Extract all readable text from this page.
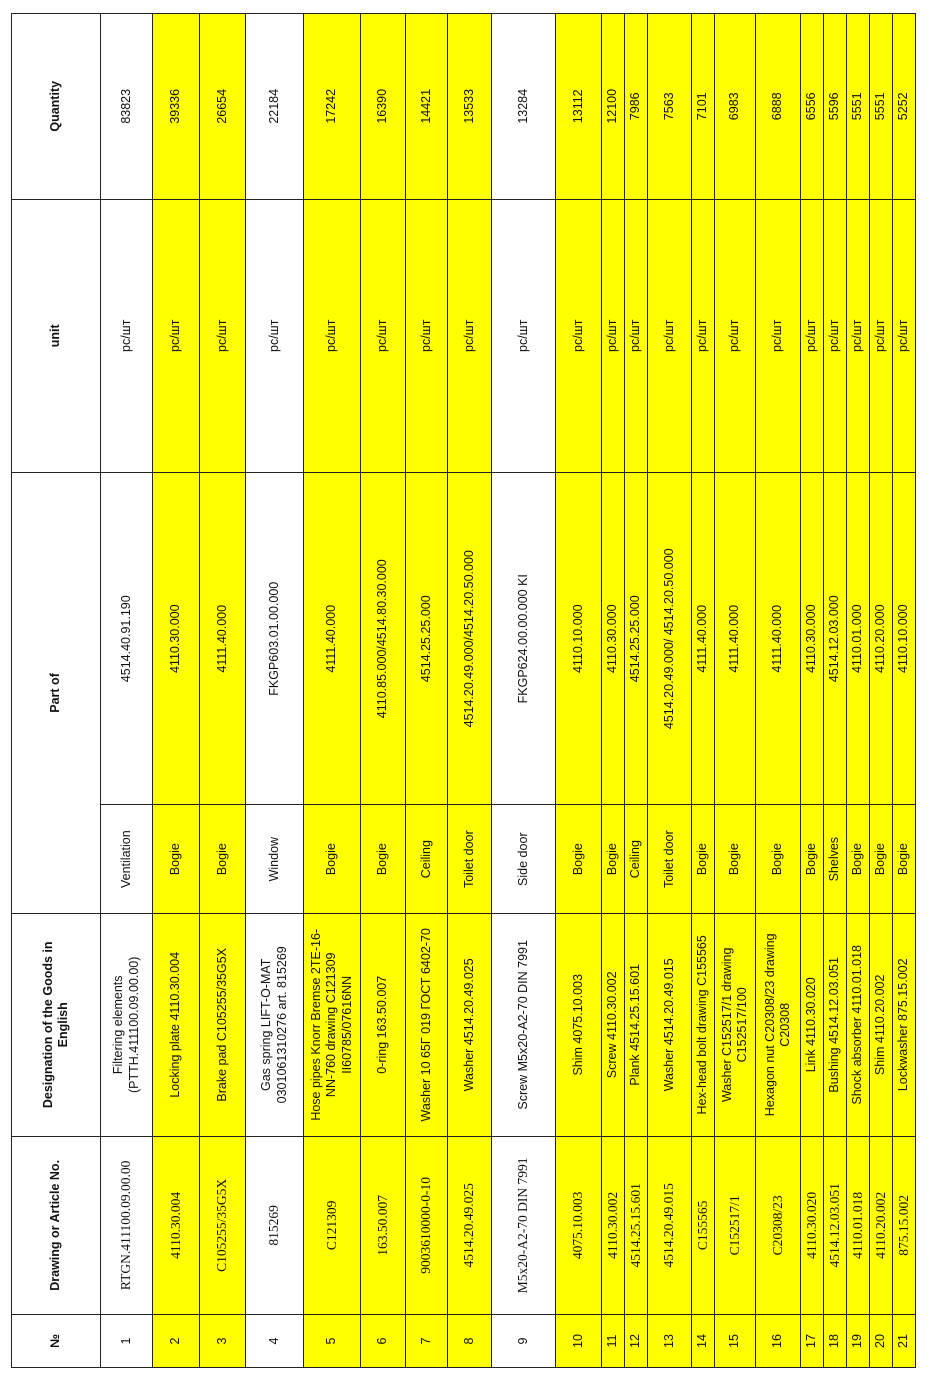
№	Drawing or Article No.	Designation of the Goods in English	Part of		unit	Quantity
1	RTGN.411100.09.00.00	Filtering elements (PTTH.411100.09.00.00)	Ventilation	4514.40.91.190	pc/шт	83823
2	4110.30.004	Locking plate 4110.30.004	Bogie	4110.30.000	pc/шт	39336
3	C105255/35G5X	Brake pad C105255/35G5X	Bogie	4111.40.000	pc/шт	26654
4	815269	Gas spring LIFT-O-MAT 0301061310276 art. 815269	Window	FKGP603.01.00.000	pc/шт	22184
5	C121309	Hose pipes Knorr Bremse 2TE-16-NN-760 drawing C121309 II60785/07616NN	Bogie	4111.40.000	pc/шт	17242
6	163.50.007	0-ring 163.50.007	Bogie	4110.85.000/4514.80.30.000	pc/шт	16390
7	9003610000-0-10	Washer 10 65Г 019 ГОСТ 6402-70	Ceiling	4514.25.25.000	pc/шт	14421
8	4514.20.49.025	Washer 4514.20.49.025	Toilet door	4514.20.49.000/4514.20.50.000	pc/шт	13533
9	M5x20-A2-70 DIN 7991	Screw M5x20-A2-70 DIN 7991	Side door	FKGP624.00.00.000 KI	pc/шт	13284
10	4075.10.003	Shim 4075.10.003	Bogie	4110.10.000	pc/шт	13112
11	4110.30.002	Screw 4110.30.002	Bogie	4110.30.000	pc/шт	12100
12	4514.25.15.601	Plank 4514.25.15.601	Ceiling	4514.25.25.000	pc/шт	7986
13	4514.20.49.015	Washer 4514.20.49.015	Toilet door	4514.20.49.000/ 4514.20.50.000	pc/шт	7563
14	C155565	Hex-head bolt drawing C155565	Bogie	4111.40.000	pc/шт	7101
15	C152517/1	Washer C152517/1 drawing C152517/100	Bogie	4111.40.000	pc/шт	6983
16	C20308/23	Hexagon nut C20308/23 drawing C20308	Bogie	4111.40.000	pc/шт	6888
17	4110.30.020	Link 4110.30.020	Bogie	4110.30.000	pc/шт	6556
18	4514.12.03.051	Bushing 4514.12.03.051	Shelves	4514.12.03.000	pc/шт	5596
19	4110.01.018	Shock absorber 4110.01.018	Bogie	4110.01.000	pc/шт	5551
20	4110.20.002	Shim 4110.20.002	Bogie	4110.20.000	pc/шт	5551
21	875.15.002	Lockwasher 875.15.002	Bogie	4110.10.000	pc/шт	5252
